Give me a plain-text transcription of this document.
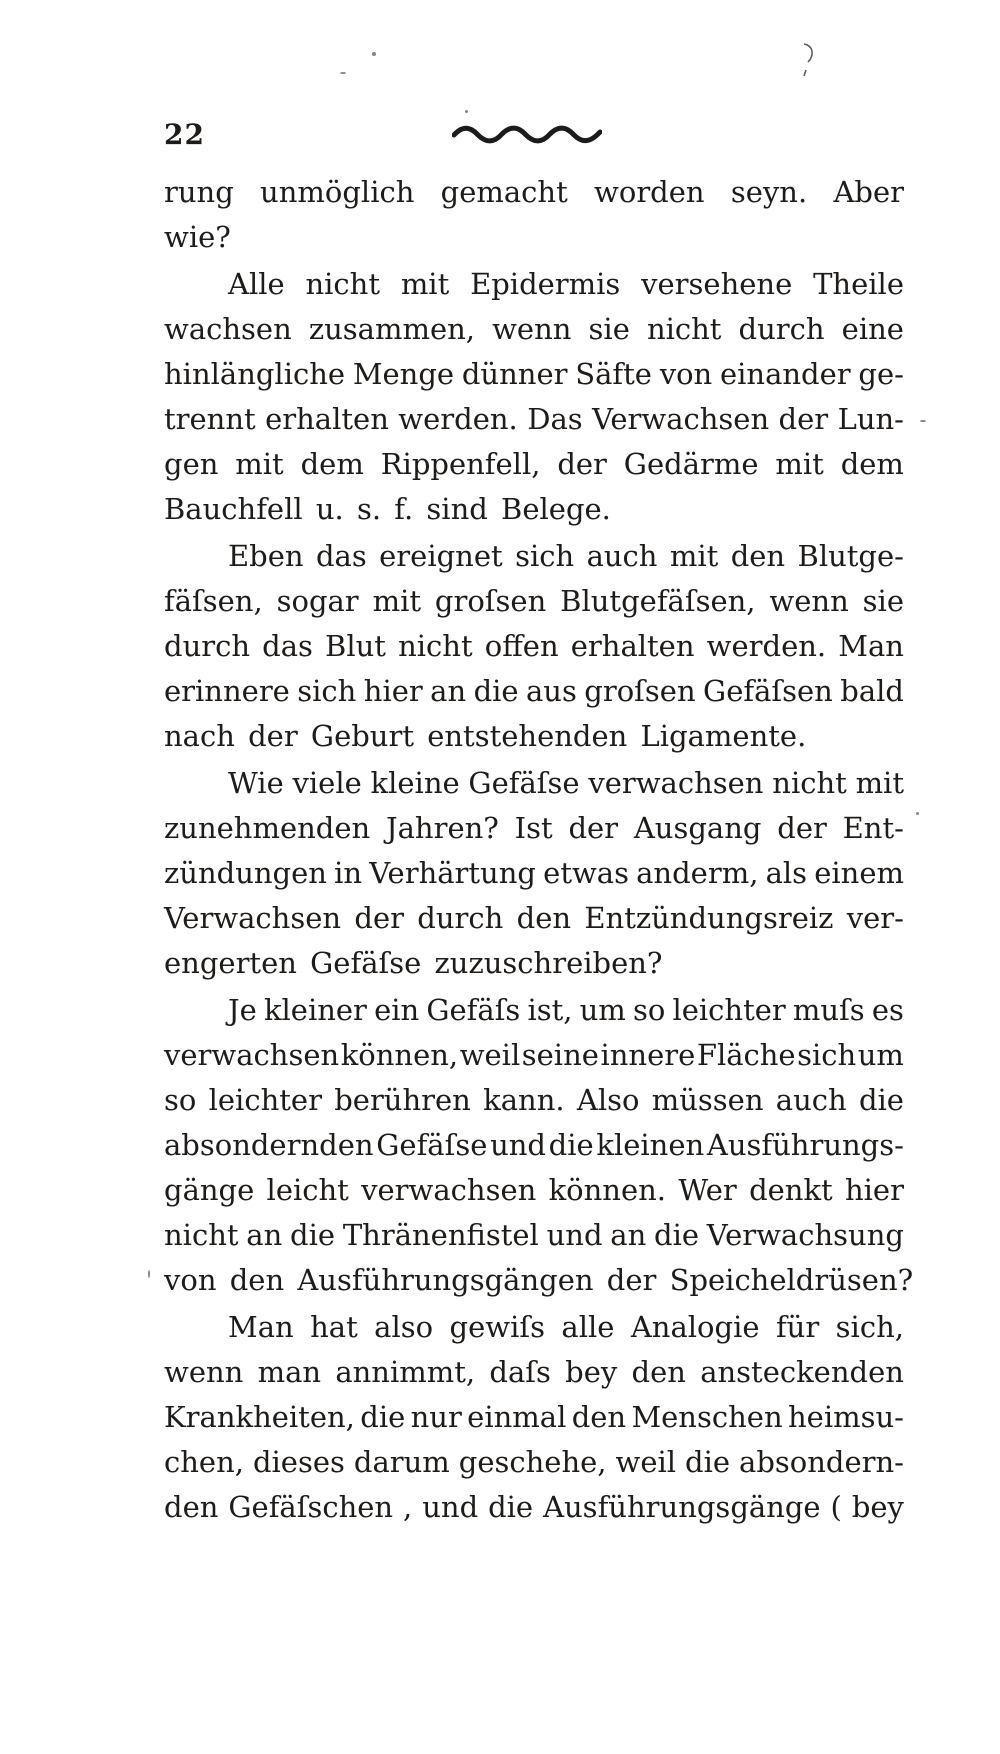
22
rung unmöglich gemacht worden seyn. Aber
wie?
Alle nicht mit Epidermis versehene Theile
wachsen zusammen, wenn sie nicht durch eine
hinlängliche Menge dünner Säfte von einander ge-
trennt erhalten werden. Das Verwachsen der Lun-
gen mit dem Rippenfell, der Gedärme mit dem
Bauchfell u. s. f. sind Belege.
Eben das ereignet sich auch mit den Blutge-
fäſsen, sogar mit groſsen Blutgefäſsen, wenn sie
durch das Blut nicht offen erhalten werden. Man
erinnere sich hier an die aus groſsen Gefäſsen bald
nach der Geburt entstehenden Ligamente.
Wie viele kleine Gefäſse verwachsen nicht mit
zunehmenden Jahren? Ist der Ausgang der Ent-
zündungen in Verhärtung etwas anderm, als einem
Verwachsen der durch den Entzündungsreiz ver-
engerten Gefäſse zuzuschreiben?
Je kleiner ein Gefäſs ist, um so leichter muſs es
verwachsen können, weil seine innere Fläche sich um
so leichter berühren kann. Also müssen auch die
absondernden Gefäſse und die kleinen Ausführungs-
gänge leicht verwachsen können. Wer denkt hier
nicht an die Thränenfistel und an die Verwachsung
von den Ausführungsgängen der Speicheldrüsen?
Man hat also gewiſs alle Analogie für sich,
wenn man annimmt, daſs bey den ansteckenden
Krankheiten, die nur einmal den Menschen heimsu-
chen, dieses darum geschehe, weil die absondern-
den Gefäſschen , und die Ausführungsgänge ( bey
